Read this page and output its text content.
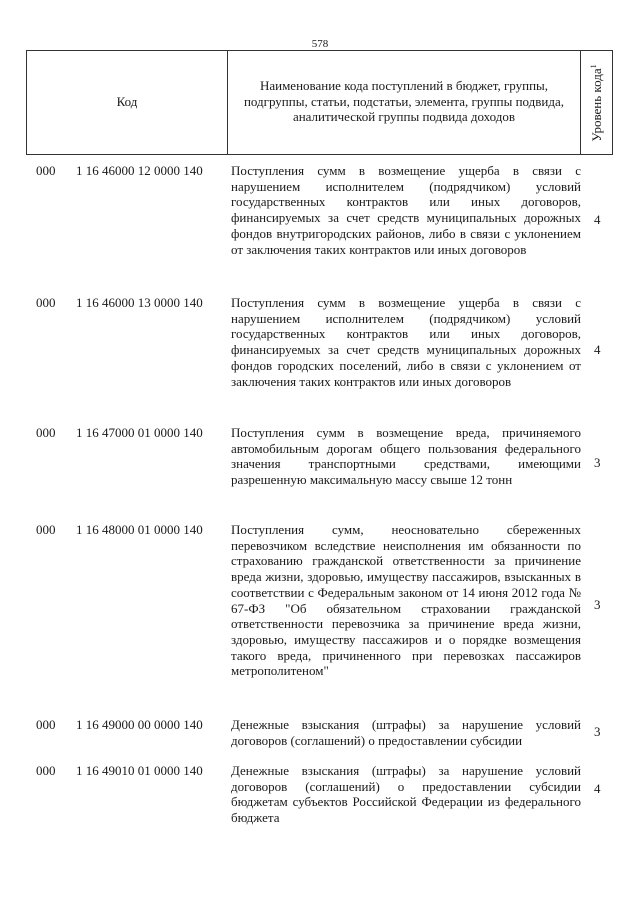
578
Код
Наименование кода поступлений в бюджет, группы, подгруппы, статьи, подстатьи, элемента, группы подвида, аналитической группы подвида доходов	Уровень кода$^1$
000 1 16 46000 12 0000 140 Поступления сумм в возмещение ущерба в связи с нарушением исполнителем (подрядчиком) условий государственных контрактов или иных договоров, финансируемых за счет средств муниципальных дорожных фондов внутригородских районов, либо в связи с уклонением от заключения таких контрактов или иных договоров
4
000 1 16 46000 13 0000 140 Поступления сумм в возмещение ущерба в связи с нарушением исполнителем (подрядчиком) условий государственных контрактов или иных договоров, финансируемых за счет средств муниципальных дорожных фондов городских поселений, либо в связи с уклонением от заключения таких контрактов или иных договоров
4
000 1 16 47000 01 0000 140 Поступления сумм в возмещение вреда, причиняемого автомобильным дорогам общего пользования федерального значения транспортными средствами, имеющими разрешенную максимальную массу свыше 12 тонн
3
000 1 16 48000 01 0000 140 Поступления сумм, неосновательно сбереженных перевозчиком вследствие неисполнения им обязанности по страхованию гражданской ответственности за причинение вреда жизни, здоровью, имуществу пассажиров, взысканных в соответствии с Федеральным законом от 14 июня 2012 года № 67-ФЗ "Об обязательном страховании гражданской ответственности перевозчика за причинение вреда жизни, здоровью, имуществу пассажиров и о порядке возмещения такого вреда, причиненного при перевозках пассажиров метрополитеном"
3
000 1 16 49000 00 0000 140 Денежные взыскания (штрафы) за нарушение условий договоров (соглашений) о предоставлении субсидии
3
000 1 16 49010 01 0000 140 Денежные взыскания (штрафы) за нарушение условий договоров (соглашений) о предоставлении субсидии бюджетам субъектов Российской Федерации из федерального бюджета
4
